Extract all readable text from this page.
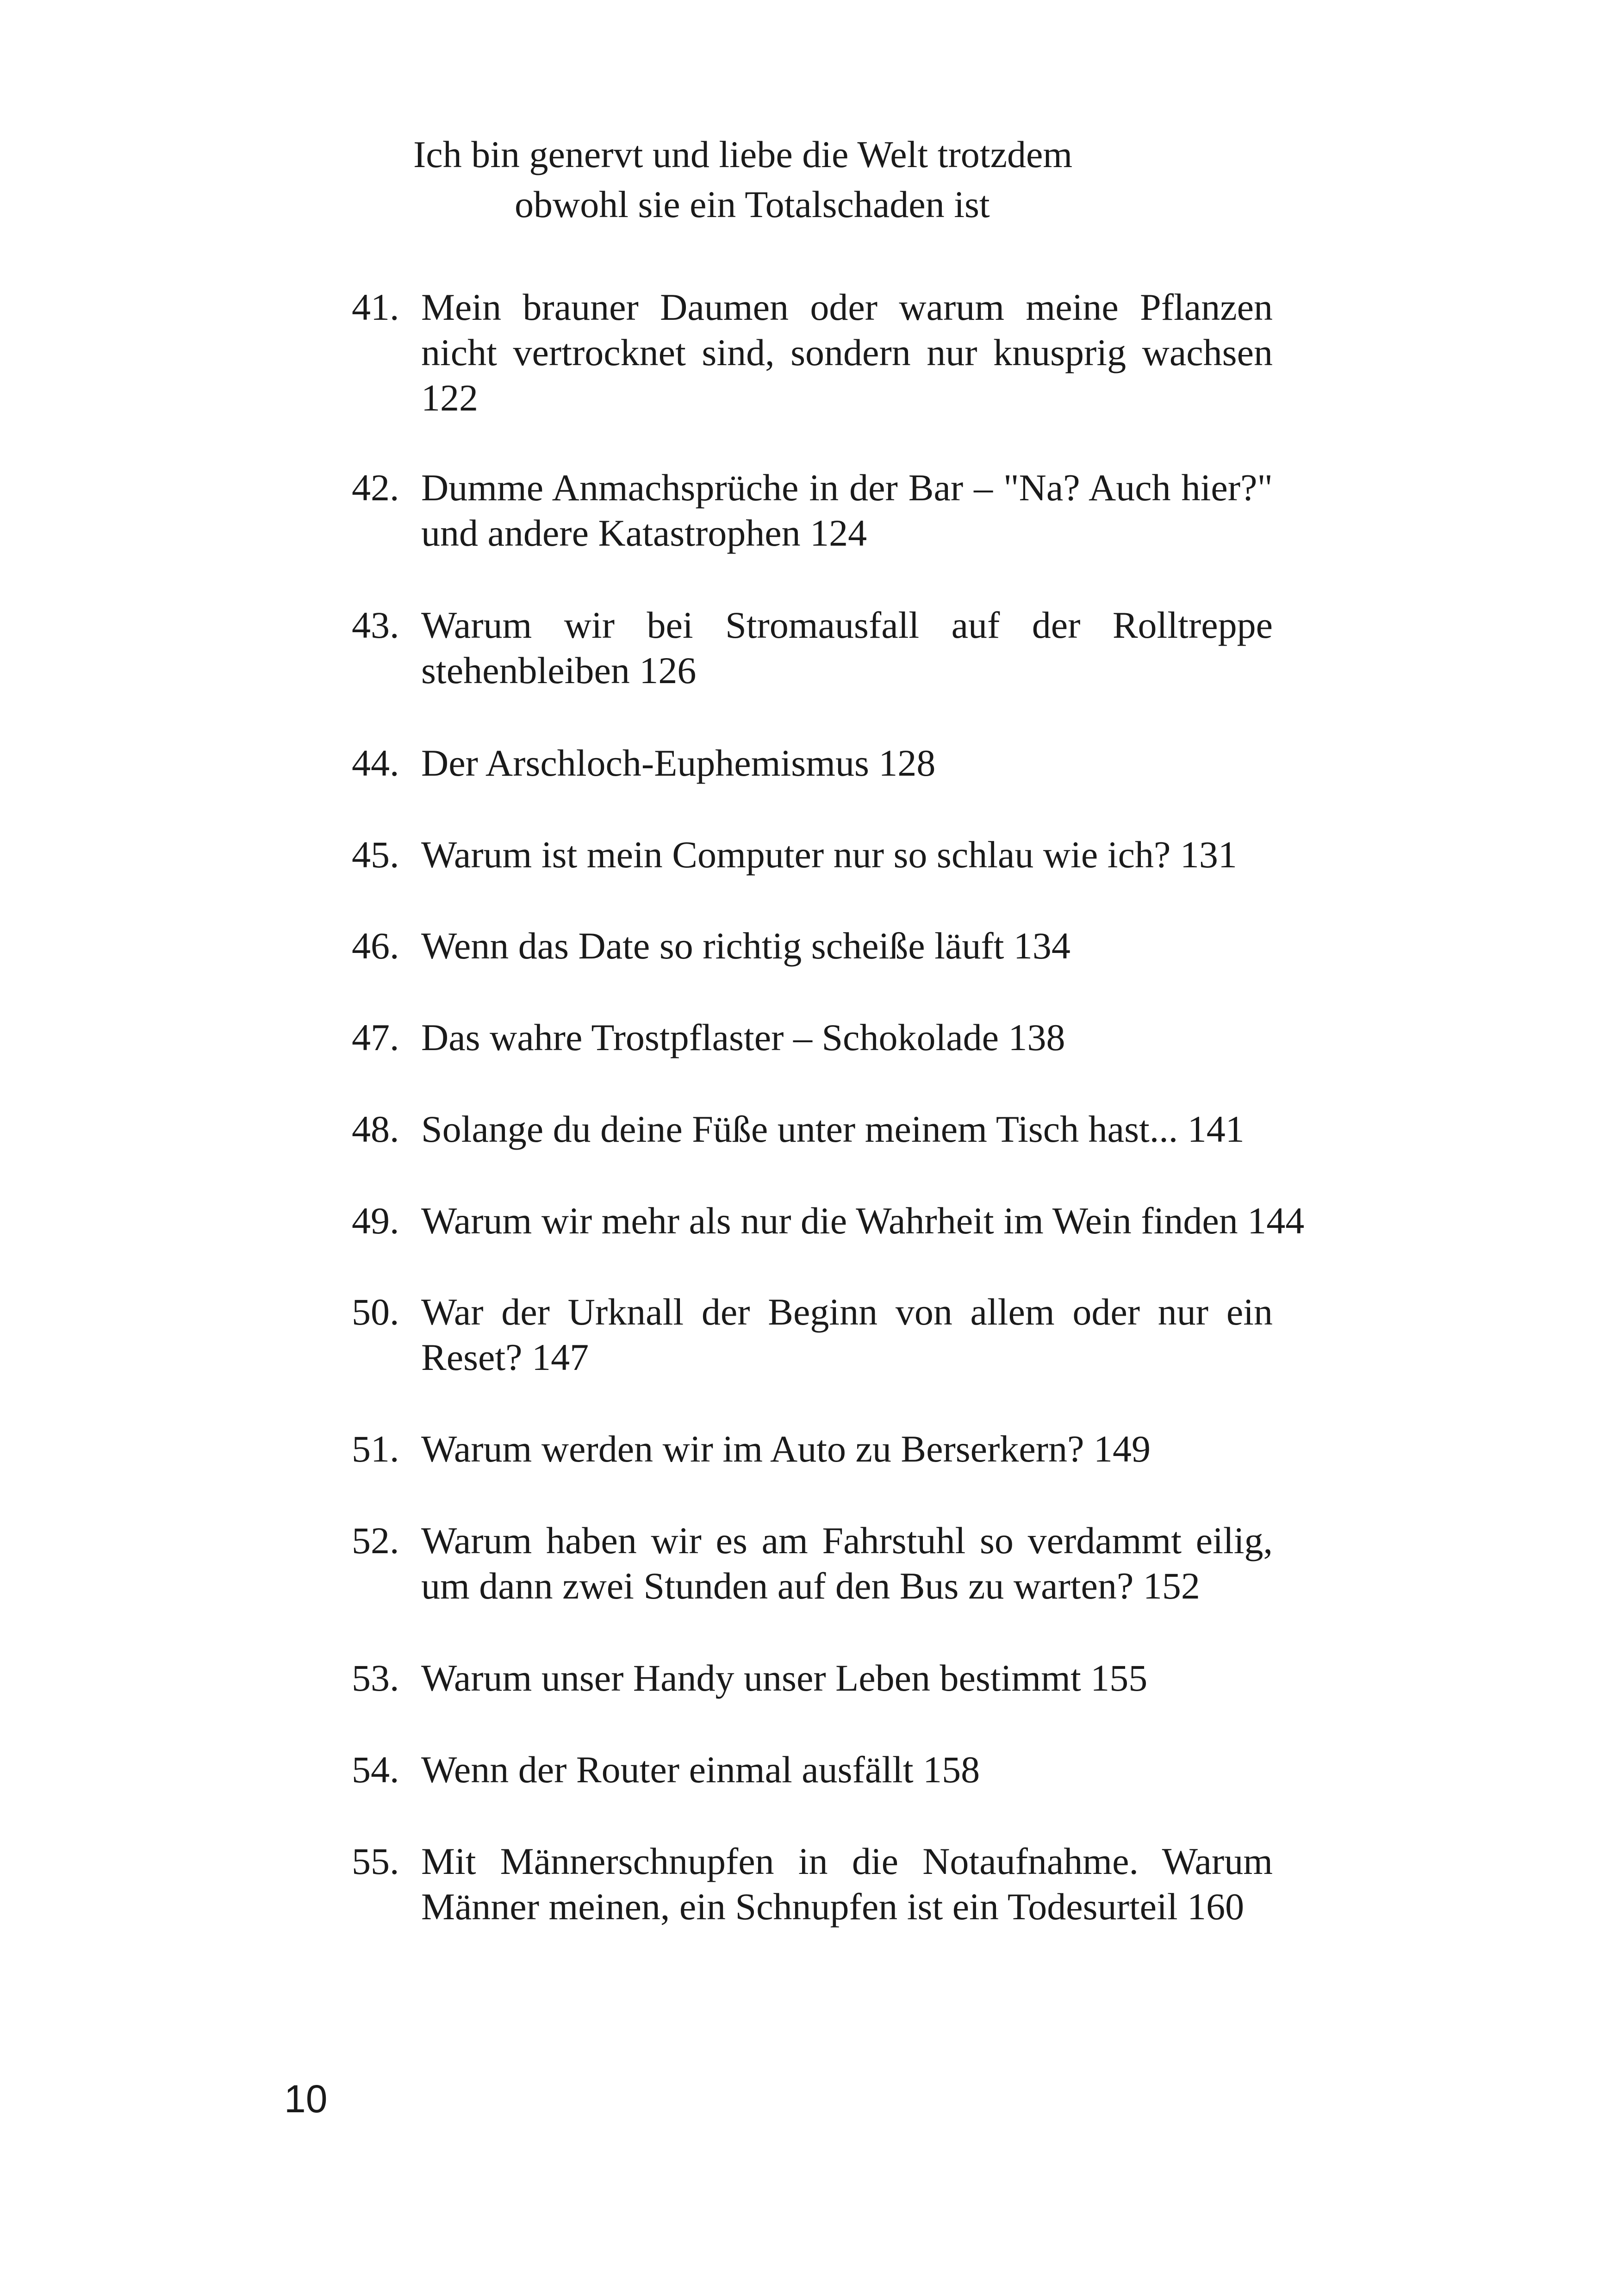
Ich bin genervt und liebe die Welt trotzdem
obwohl sie ein Totalschaden ist
41. Mein brauner Daumen oder warum meine Pflanzen nicht vertrocknet sind, sondern nur knusprig wachsen 122
42. Dumme Anmachsprüche in der Bar – "Na? Auch hier?" und andere Katastrophen 124
43. Warum wir bei Stromausfall auf der Rolltreppe stehenbleiben 126
44. Der Arschloch-Euphemismus 128
45. Warum ist mein Computer nur so schlau wie ich? 131
46. Wenn das Date so richtig scheiße läuft 134
47. Das wahre Trostpflaster – Schokolade 138
48. Solange du deine Füße unter meinem Tisch hast... 141
49. Warum wir mehr als nur die Wahrheit im Wein finden 144
50. War der Urknall der Beginn von allem oder nur ein Reset? 147
51. Warum werden wir im Auto zu Berserkern? 149
52. Warum haben wir es am Fahrstuhl so verdammt eilig, um dann zwei Stunden auf den Bus zu warten? 152
53. Warum unser Handy unser Leben bestimmt 155
54. Wenn der Router einmal ausfällt 158
55. Mit Männerschnupfen in die Notaufnahme. Warum Männer meinen, ein Schnupfen ist ein Todesurteil 160
10
